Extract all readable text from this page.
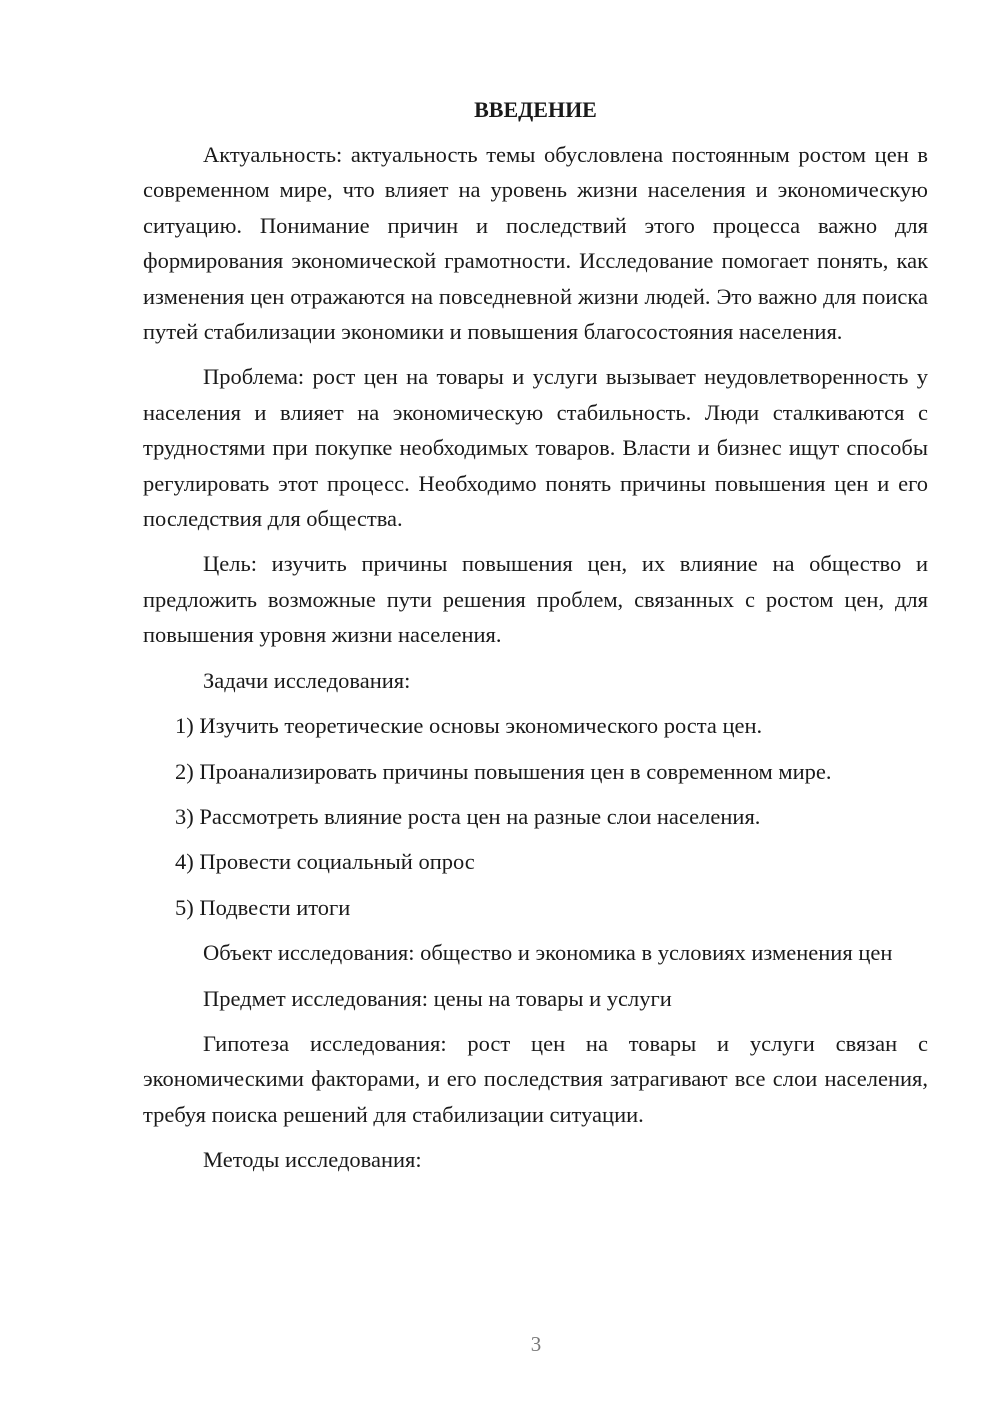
ВВЕДЕНИЕ

Актуальность: актуальность темы обусловлена постоянным ростом цен в современном мире, что влияет на уровень жизни населения и экономическую ситуацию. Понимание причин и последствий этого процесса важно для формирования экономической грамотности. Исследование помогает понять, как изменения цен отражаются на повседневной жизни людей. Это важно для поиска путей стабилизации экономики и повышения благосостояния населения.

Проблема: рост цен на товары и услуги вызывает неудовлетворенность у населения и влияет на экономическую стабильность. Люди сталкиваются с трудностями при покупке необходимых товаров. Власти и бизнес ищут способы регулировать этот процесс. Необходимо понять причины повышения цен и его последствия для общества.

Цель: изучить причины повышения цен, их влияние на общество и предложить возможные пути решения проблем, связанных с ростом цен, для повышения уровня жизни населения.

Задачи исследования:

1) Изучить теоретические основы экономического роста цен.

2) Проанализировать причины повышения цен в современном мире.

3) Рассмотреть влияние роста цен на разные слои населения.

4) Провести социальный опрос

5) Подвести итоги

Объект исследования: общество и экономика в условиях изменения цен

Предмет исследования: цены на товары и услуги

Гипотеза исследования: рост цен на товары и услуги связан с экономическими факторами, и его последствия затрагивают все слои населения, требуя поиска решений для стабилизации ситуации.

Методы исследования:

3
